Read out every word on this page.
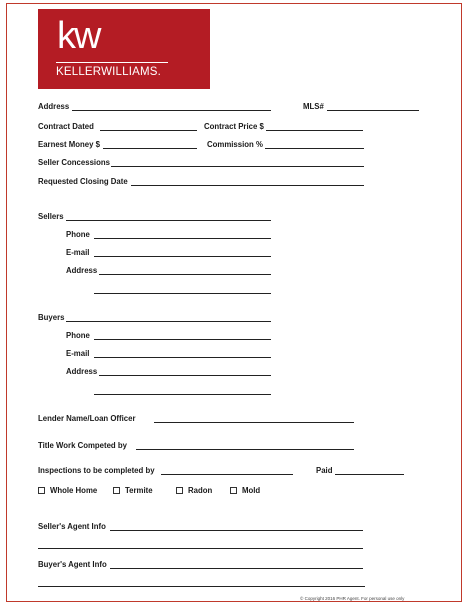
kw
KELLERWILLIAMS.
Address	MLS#
Contract Dated	Contract Price $
Earnest Money $	Commission %
Seller Concessions
Requested Closing Date
Sellers
Phone
E-mail
Address
Buyers
Phone
E-mail
Address
Lender Name/Loan Officer
Title Work Competed by
Inspections to be completed by	Paid
Whole Home	Termite	Radon	Mold
Seller's Agent Info
Buyer's Agent Info
© Copyright 2016 PHR Agent. For personal use only
